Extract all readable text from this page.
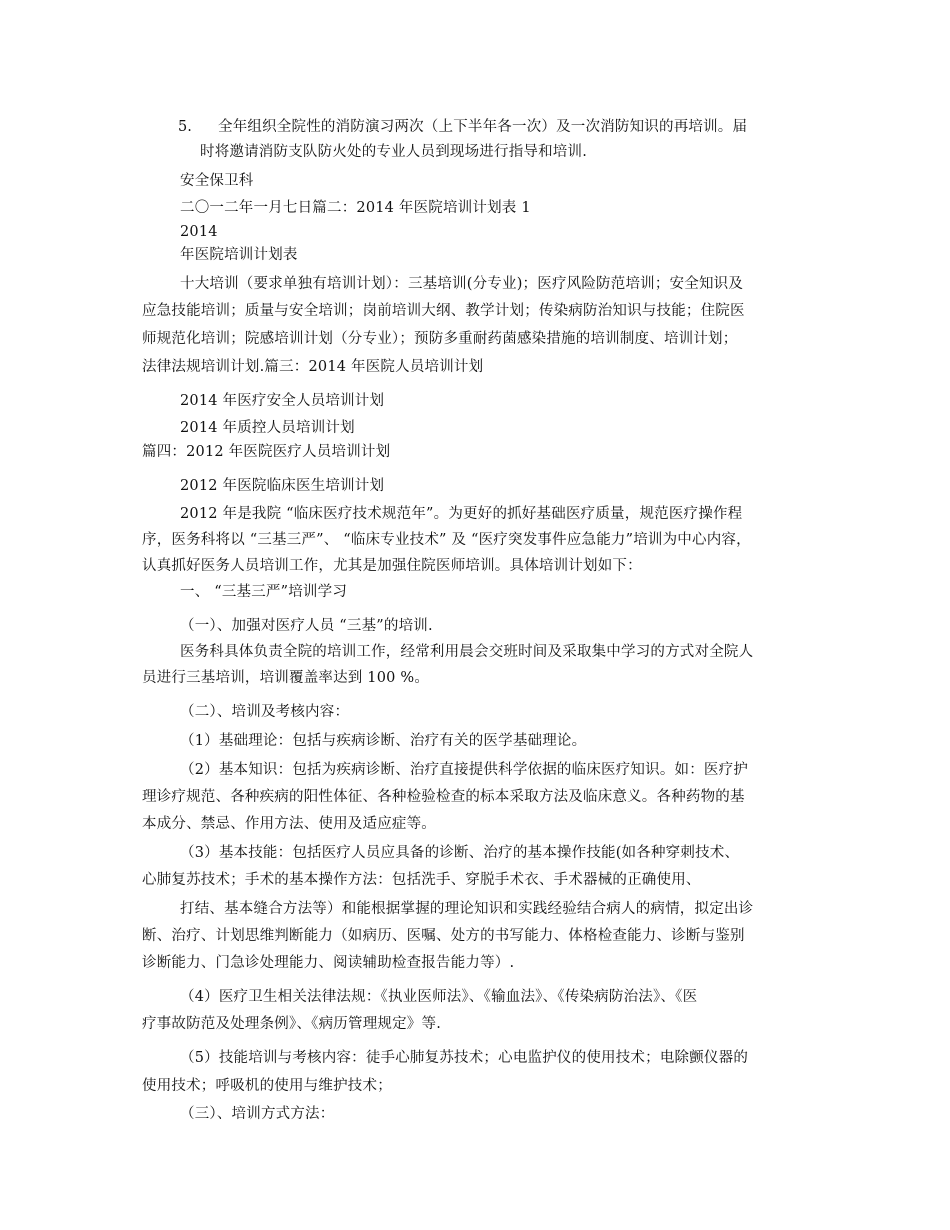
5. 全年组织全院性的消防演习两次（上下半年各一次）及一次消防知识的再培训。届
时将邀请消防支队防火处的专业人员到现场进行指导和培训.
安全保卫科
二〇一二年一月七日篇二：2014 年医院培训计划表 1
2014
年医院培训计划表
十大培训（要求单独有培训计划）：三基培训(分专业)；医疗风险防范培训；安全知识及
应急技能培训；质量与安全培训；岗前培训大纲、教学计划；传染病防治知识与技能；住院医
师规范化培训；院感培训计划（分专业）；预防多重耐药菌感染措施的培训制度、培训计划；
法律法规培训计划.篇三：2014 年医院人员培训计划
2014 年医疗安全人员培训计划
2014 年质控人员培训计划
篇四：2012 年医院医疗人员培训计划
2012 年医院临床医生培训计划
2012 年是我院 “临床医疗技术规范年”。为更好的抓好基础医疗质量，规范医疗操作程
序，医务科将以 “三基三严”、 “临床专业技术” 及 “医疗突发事件应急能力”培训为中心内容，
认真抓好医务人员培训工作，尤其是加强住院医师培训。具体培训计划如下：
一、 “三基三严”培训学习
（一）、加强对医疗人员 “三基”的培训.
医务科具体负责全院的培训工作，经常利用晨会交班时间及采取集中学习的方式对全院人
员进行三基培训，培训覆盖率达到 100 %。
（二）、培训及考核内容：
（1）基础理论：包括与疾病诊断、治疗有关的医学基础理论。
（2）基本知识：包括为疾病诊断、治疗直接提供科学依据的临床医疗知识。如：医疗护
理诊疗规范、各种疾病的阳性体征、各种检验检查的标本采取方法及临床意义。各种药物的基
本成分、禁忌、作用方法、使用及适应症等。
（3）基本技能：包括医疗人员应具备的诊断、治疗的基本操作技能(如各种穿刺技术、
心肺复苏技术；手术的基本操作方法：包括洗手、穿脱手术衣、手术器械的正确使用、
打结、基本缝合方法等）和能根据掌握的理论知识和实践经验结合病人的病情，拟定出诊
断、治疗、计划思维判断能力（如病历、医嘱、处方的书写能力、体格检查能力、诊断与鉴别
诊断能力、门急诊处理能力、阅读辅助检查报告能力等）.
（4）医疗卫生相关法律法规：《执业医师法》、《输血法》、《传染病防治法》、《医
疗事故防范及处理条例》、《病历管理规定》等.
（5）技能培训与考核内容：徒手心肺复苏技术；心电监护仪的使用技术；电除颤仪器的
使用技术；呼吸机的使用与维护技术；
（三）、培训方式方法：
